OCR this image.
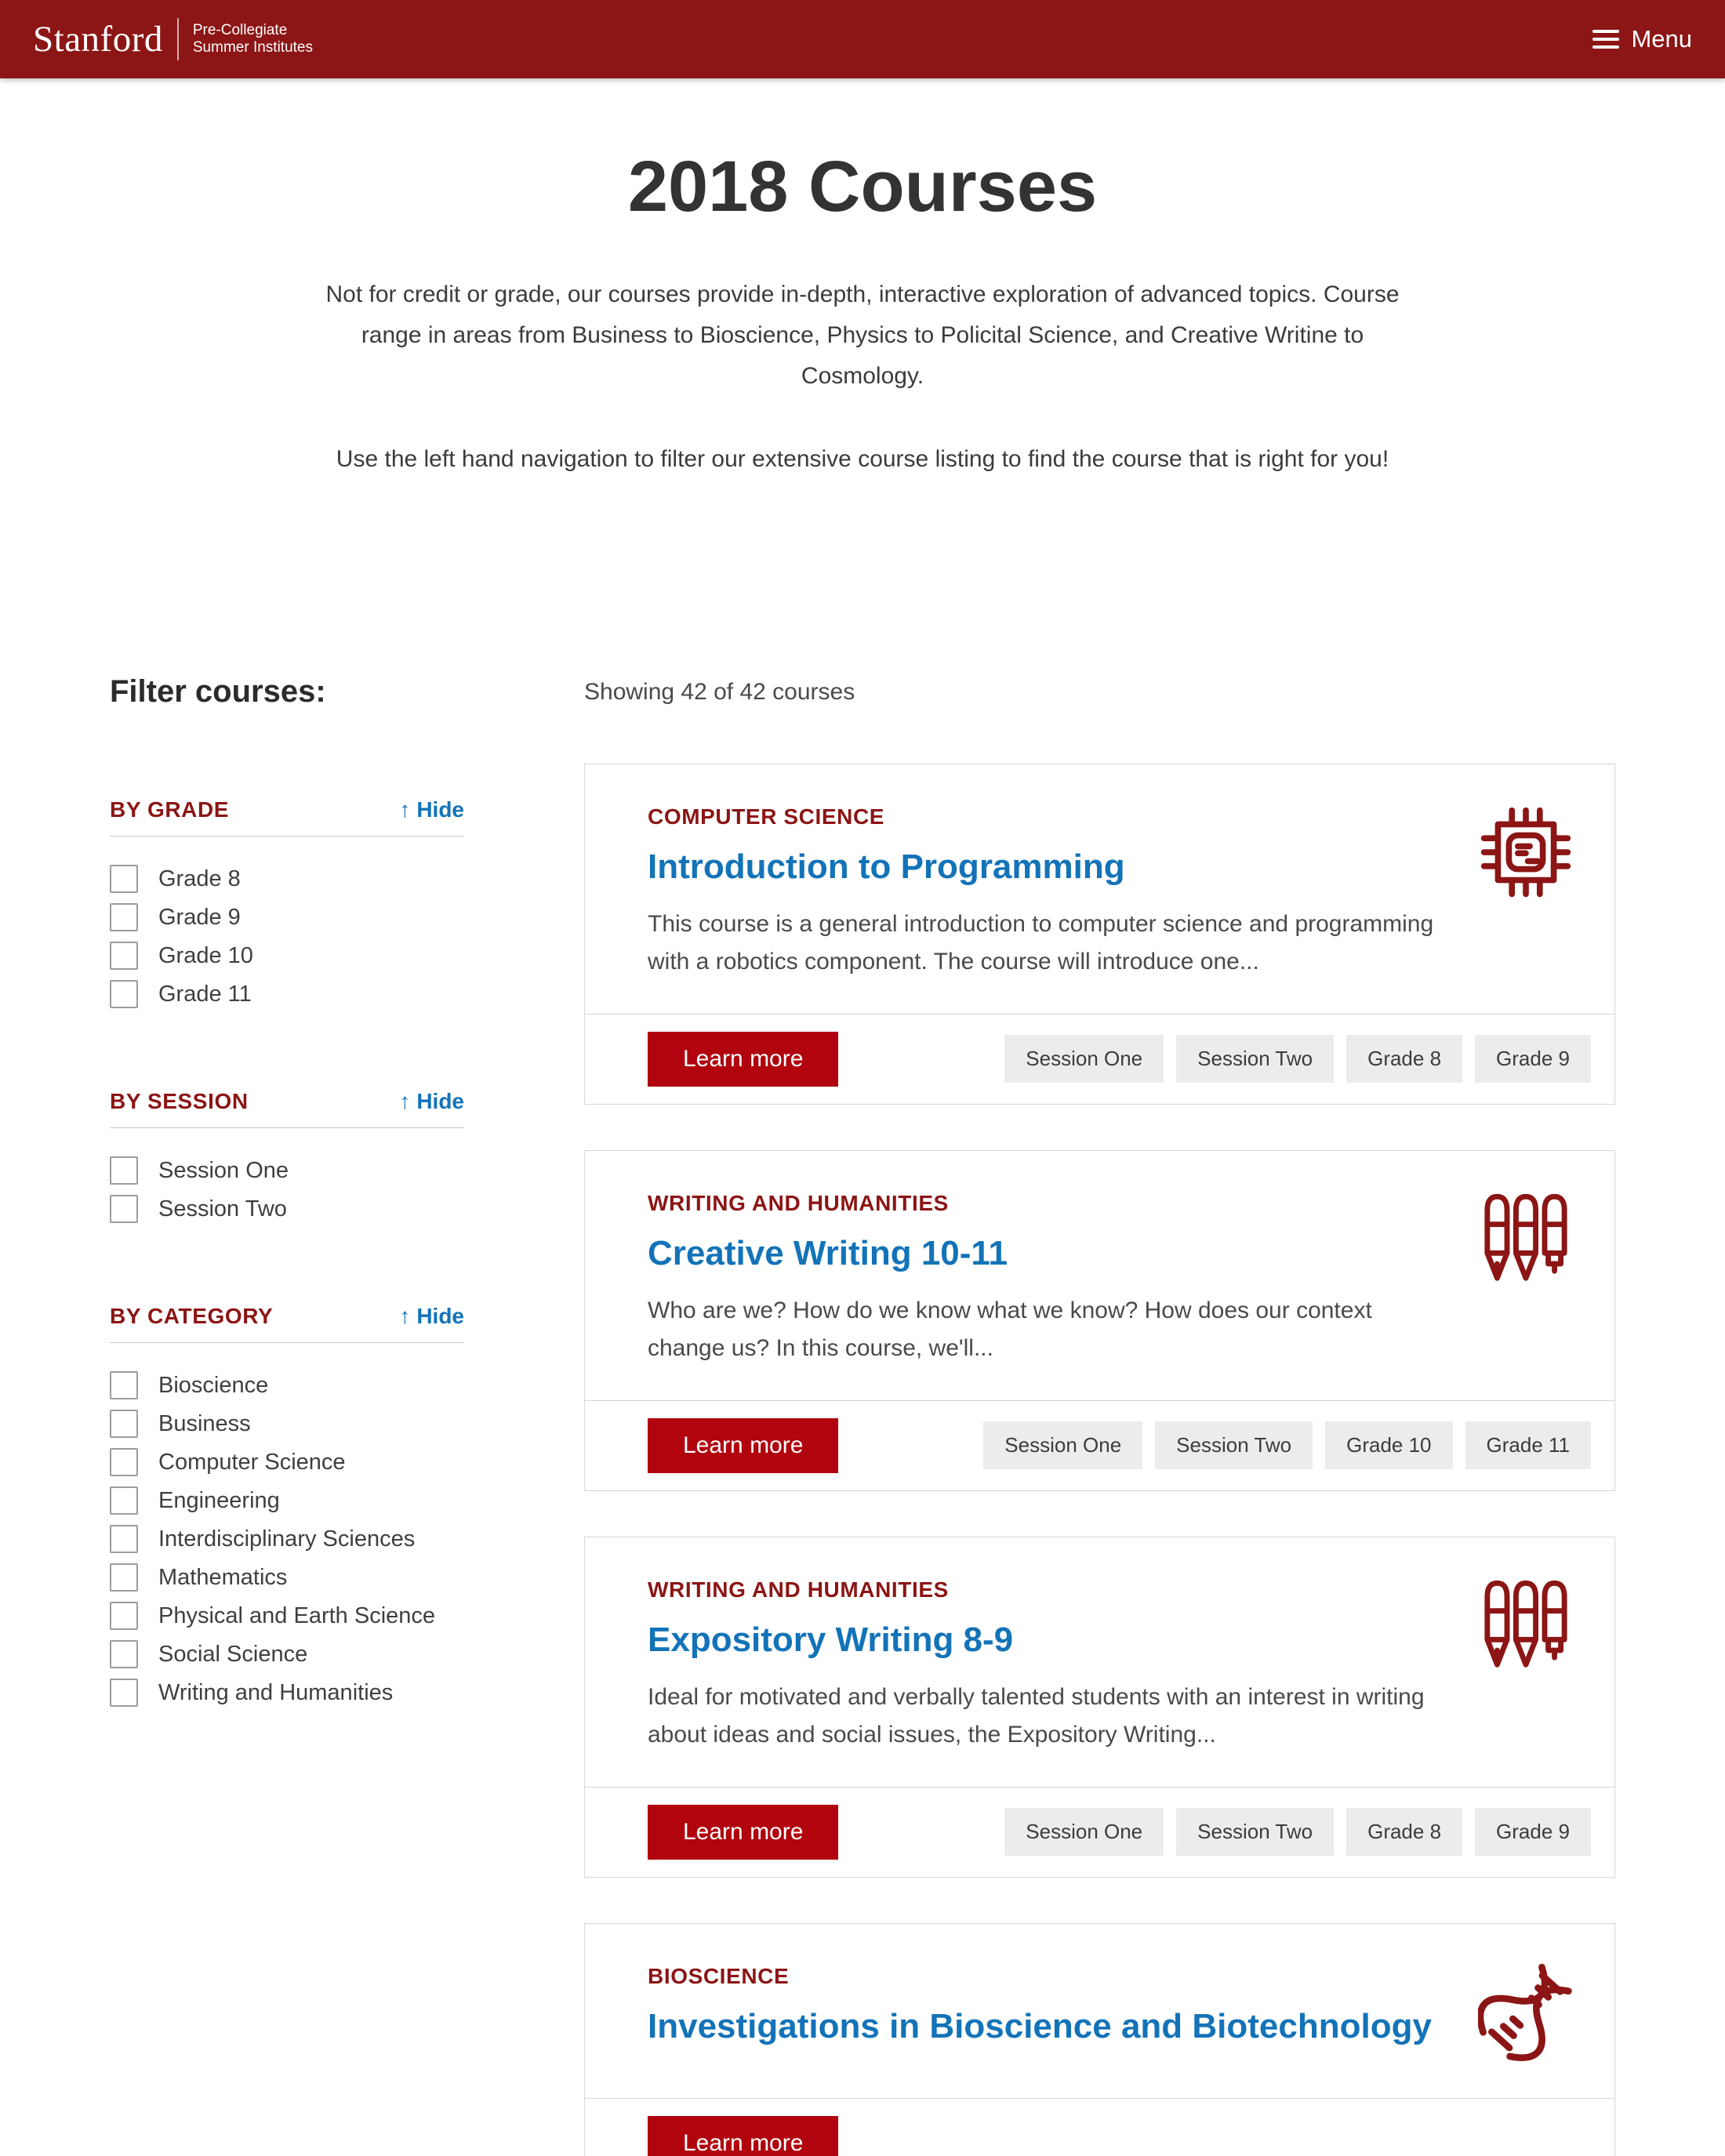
Stanford Pre-Collegiate
Summer Institutes	Menu
2018 Courses

Not for credit or grade, our courses provide in-depth, interactive exploration of advanced topics. Course range in areas from Business to Bioscience, Physics to Policital Science, and Creative Writine to Cosmology.

Use the left hand navigation to filter our extensive course listing to find the course that is right for you!

Filter courses:
BY GRADE	↑ Hide
Grade 8
Grade 9
Grade 10
Grade 11
BY SESSION	↑ Hide
Session One
Session Two
BY CATEGORY	↑ Hide
Bioscience
Business
Computer Science
Engineering
Interdisciplinary Sciences
Mathematics
Physical and Earth Science
Social Science
Writing and Humanities
Showing 42 of 42 courses
COMPUTER SCIENCE
Introduction to Programming

This course is a general introduction to computer science and programming with a robotics component. The course will introduce one...

Learn more	Session One	Session Two	Grade 8	Grade 9
WRITING AND HUMANITIES
Creative Writing 10-11

Who are we? How do we know what we know? How does our context change us? In this course, we'll...

Learn more	Session One	Session Two	Grade 10	Grade 11
WRITING AND HUMANITIES
Expository Writing 8-9

Ideal for motivated and verbally talented students with an interest in writing about ideas and social issues, the Expository Writing...

Learn more	Session One	Session Two	Grade 8	Grade 9
BIOSCIENCE
Investigations in Bioscience and Biotechnology

Learn more
